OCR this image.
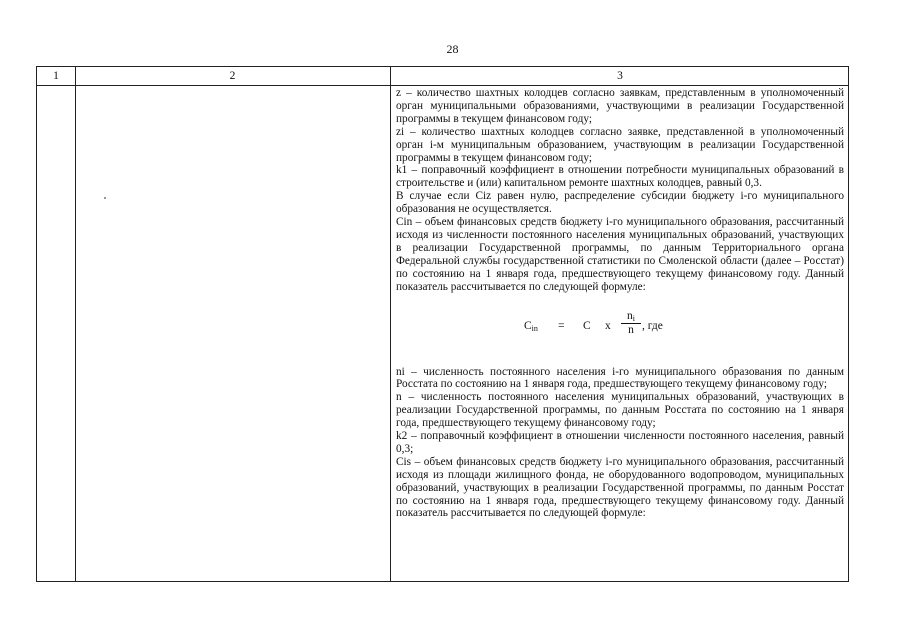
28
1	2	3

z – количество шахтных колодцев согласно заявкам, представленным в уполномоченный орган муниципальными образованиями, участвующими в реализации Государственной программы в текущем финансовом году;

zi – количество шахтных колодцев согласно заявке, представленной в уполномоченный орган i-м муниципальным образованием, участвующим в реализации Государственной программы в текущем финансовом году;

k1 – поправочный коэффициент в отношении потребности муниципальных образований в строительстве и (или) капитальном ремонте шахтных колодцев, равный 0,3.

В случае если Ciz равен нулю, распределение субсидии бюджету i-го муниципального образования не осуществляется.

Cin – объем финансовых средств бюджету i-го муниципального образования, рассчитанный исходя из численности постоянного населения муниципальных образований, участвующих в реализации Государственной программы, по данным Территориального органа Федеральной службы государственной статистики по Смоленской области (далее – Росстат) по состоянию на 1 января года, предшествующего текущему финансовому году. Данный показатель рассчитывается по следующей формуле:

$C_{in} = C$ x $\frac{n_i}{n}$ , где

ni – численность постоянного населения i-го муниципального образования по данным Росстата по состоянию на 1 января года, предшествующего текущему финансовому году;

n – численность постоянного населения муниципальных образований, участвующих в реализации Государственной программы, по данным Росстата по состоянию на 1 января года, предшествующего текущему финансовому году;

k2 – поправочный коэффициент в отношении численности постоянного населения, равный 0,3;

Cis – объем финансовых средств бюджету i-го муниципального образования, рассчитанный исходя из площади жилищного фонда, не оборудованного водопроводом, муниципальных образований, участвующих в реализации Государственной программы, по данным Росстат по состоянию на 1 января года, предшествующего текущему финансовому году. Данный показатель рассчитывается по следующей формуле:
